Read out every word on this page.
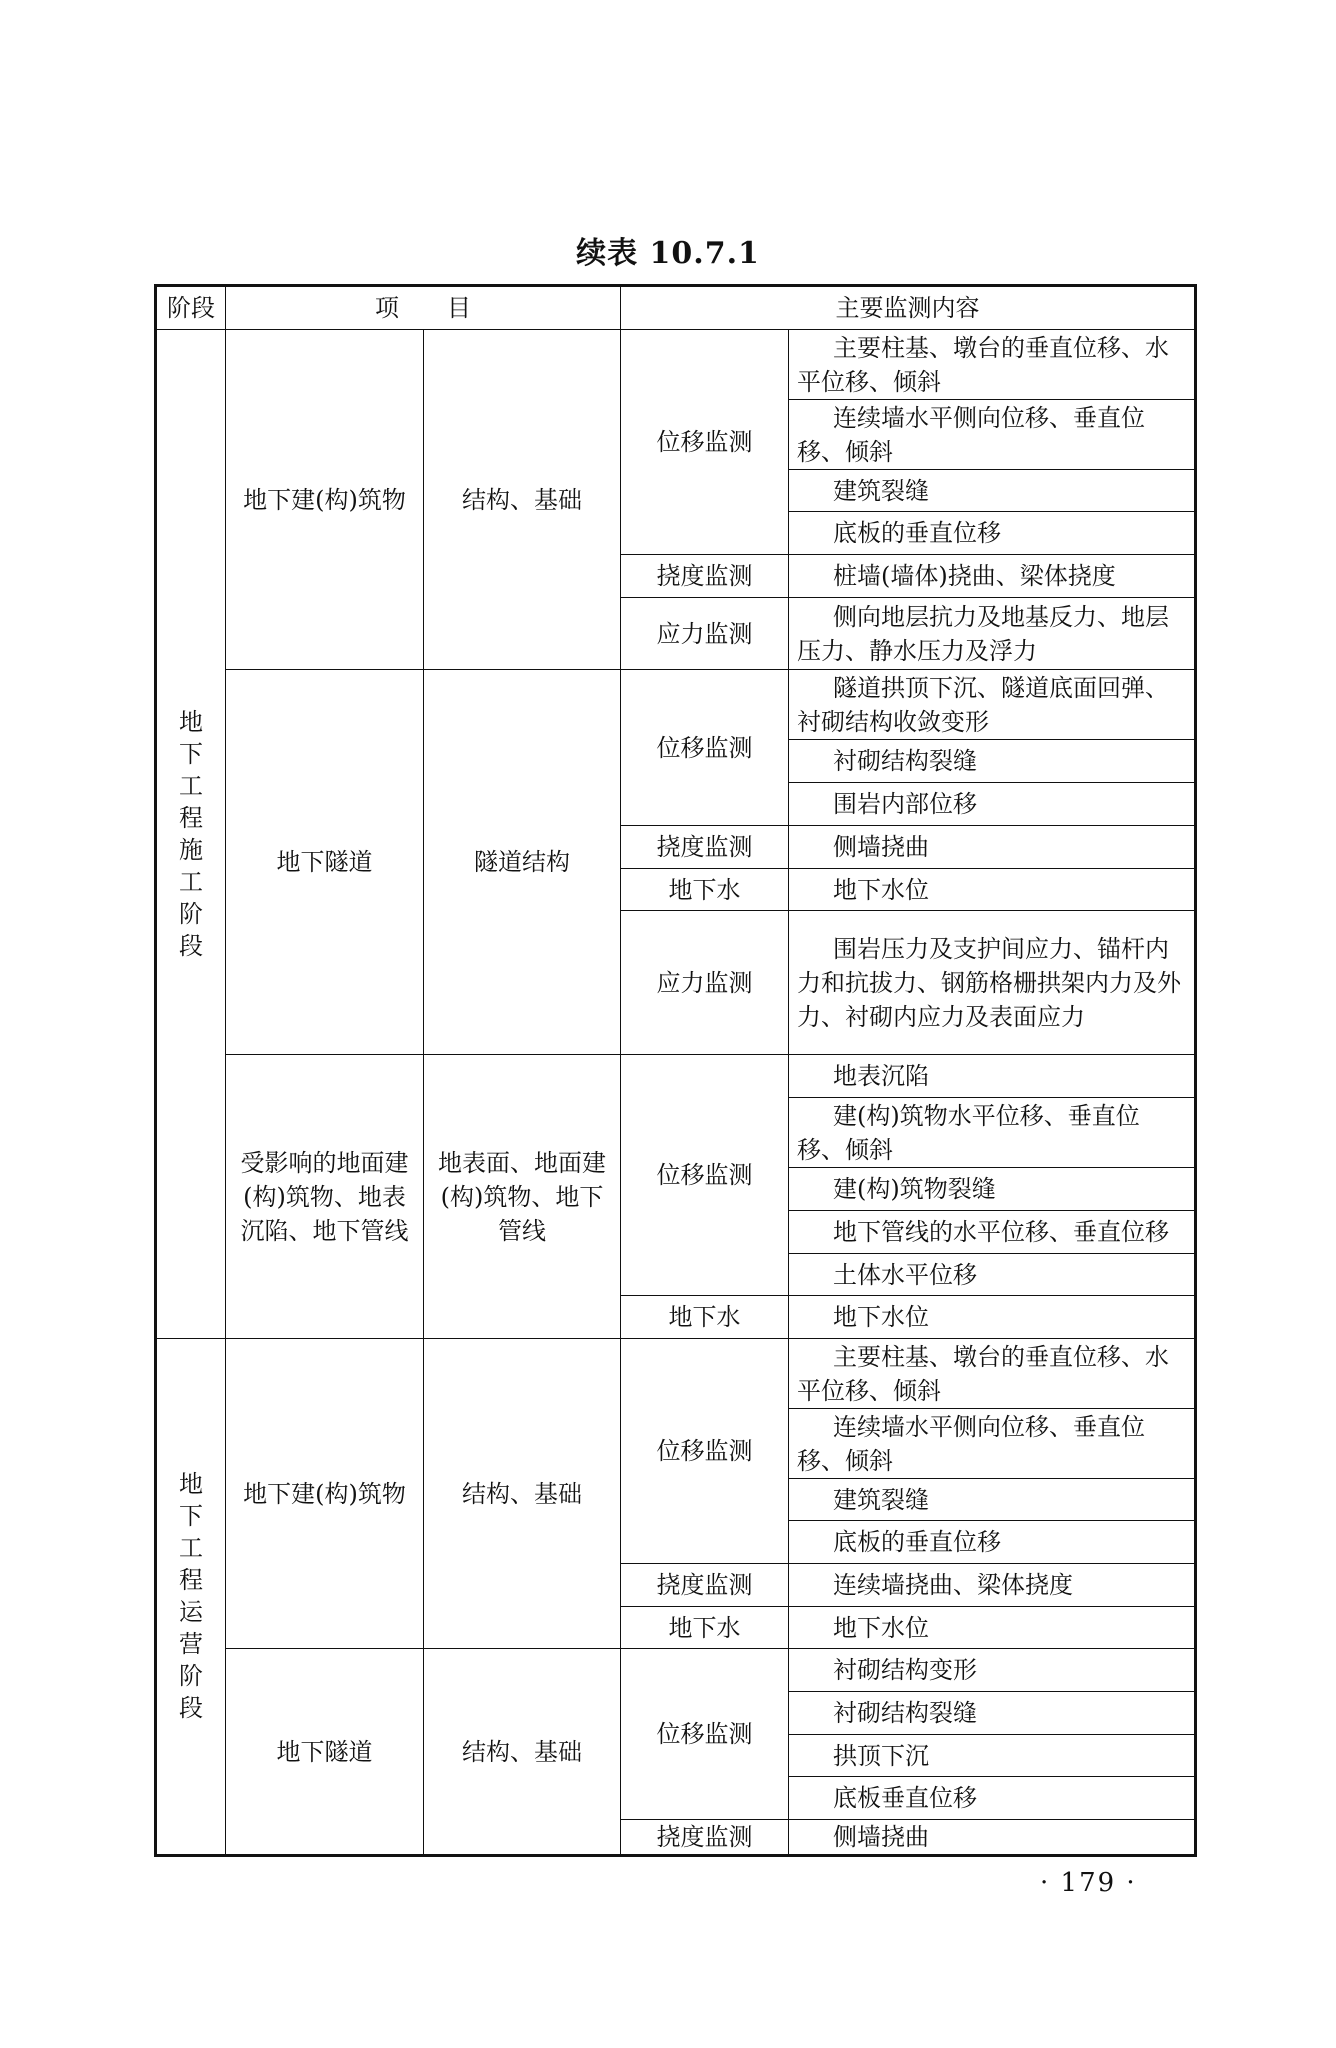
续表 10.7.1
阶段	项　　目		主要监测内容	
地下工程施工阶段	地下建(构)筑物	结构、基础	位移监测	主要柱基、墩台的垂直位移、水平位移、倾斜

				连续墙水平侧向位移、垂直位移、倾斜

				建筑裂缝

				底板的垂直位移

			挠度监测	桩墙(墙体)挠曲、梁体挠度

			应力监测	侧向地层抗力及地基反力、地层压力、静水压力及浮力

	地下隧道	隧道结构	位移监测	隧道拱顶下沉、隧道底面回弹、衬砌结构收敛变形

				衬砌结构裂缝

				围岩内部位移

			挠度监测	侧墙挠曲

			地下水	地下水位

			应力监测	围岩压力及支护间应力、锚杆内力和抗拔力、钢筋格栅拱架内力及外力、衬砌内应力及表面应力

	受影响的地面建(构)筑物、地表沉陷、地下管线	地表面、地面建(构)筑物、地下管线	位移监测	地表沉陷

				建(构)筑物水平位移、垂直位移、倾斜

				建(构)筑物裂缝

				地下管线的水平位移、垂直位移

				土体水平位移

			地下水	地下水位

地下工程运营阶段	地下建(构)筑物	结构、基础	位移监测	主要柱基、墩台的垂直位移、水平位移、倾斜

				连续墙水平侧向位移、垂直位移、倾斜

				建筑裂缝

				底板的垂直位移

			挠度监测	连续墙挠曲、梁体挠度

			地下水	地下水位

	地下隧道	结构、基础	位移监测	衬砌结构变形

				衬砌结构裂缝

				拱顶下沉

				底板垂直位移

			挠度监测	侧墙挠曲
· 179 ·
